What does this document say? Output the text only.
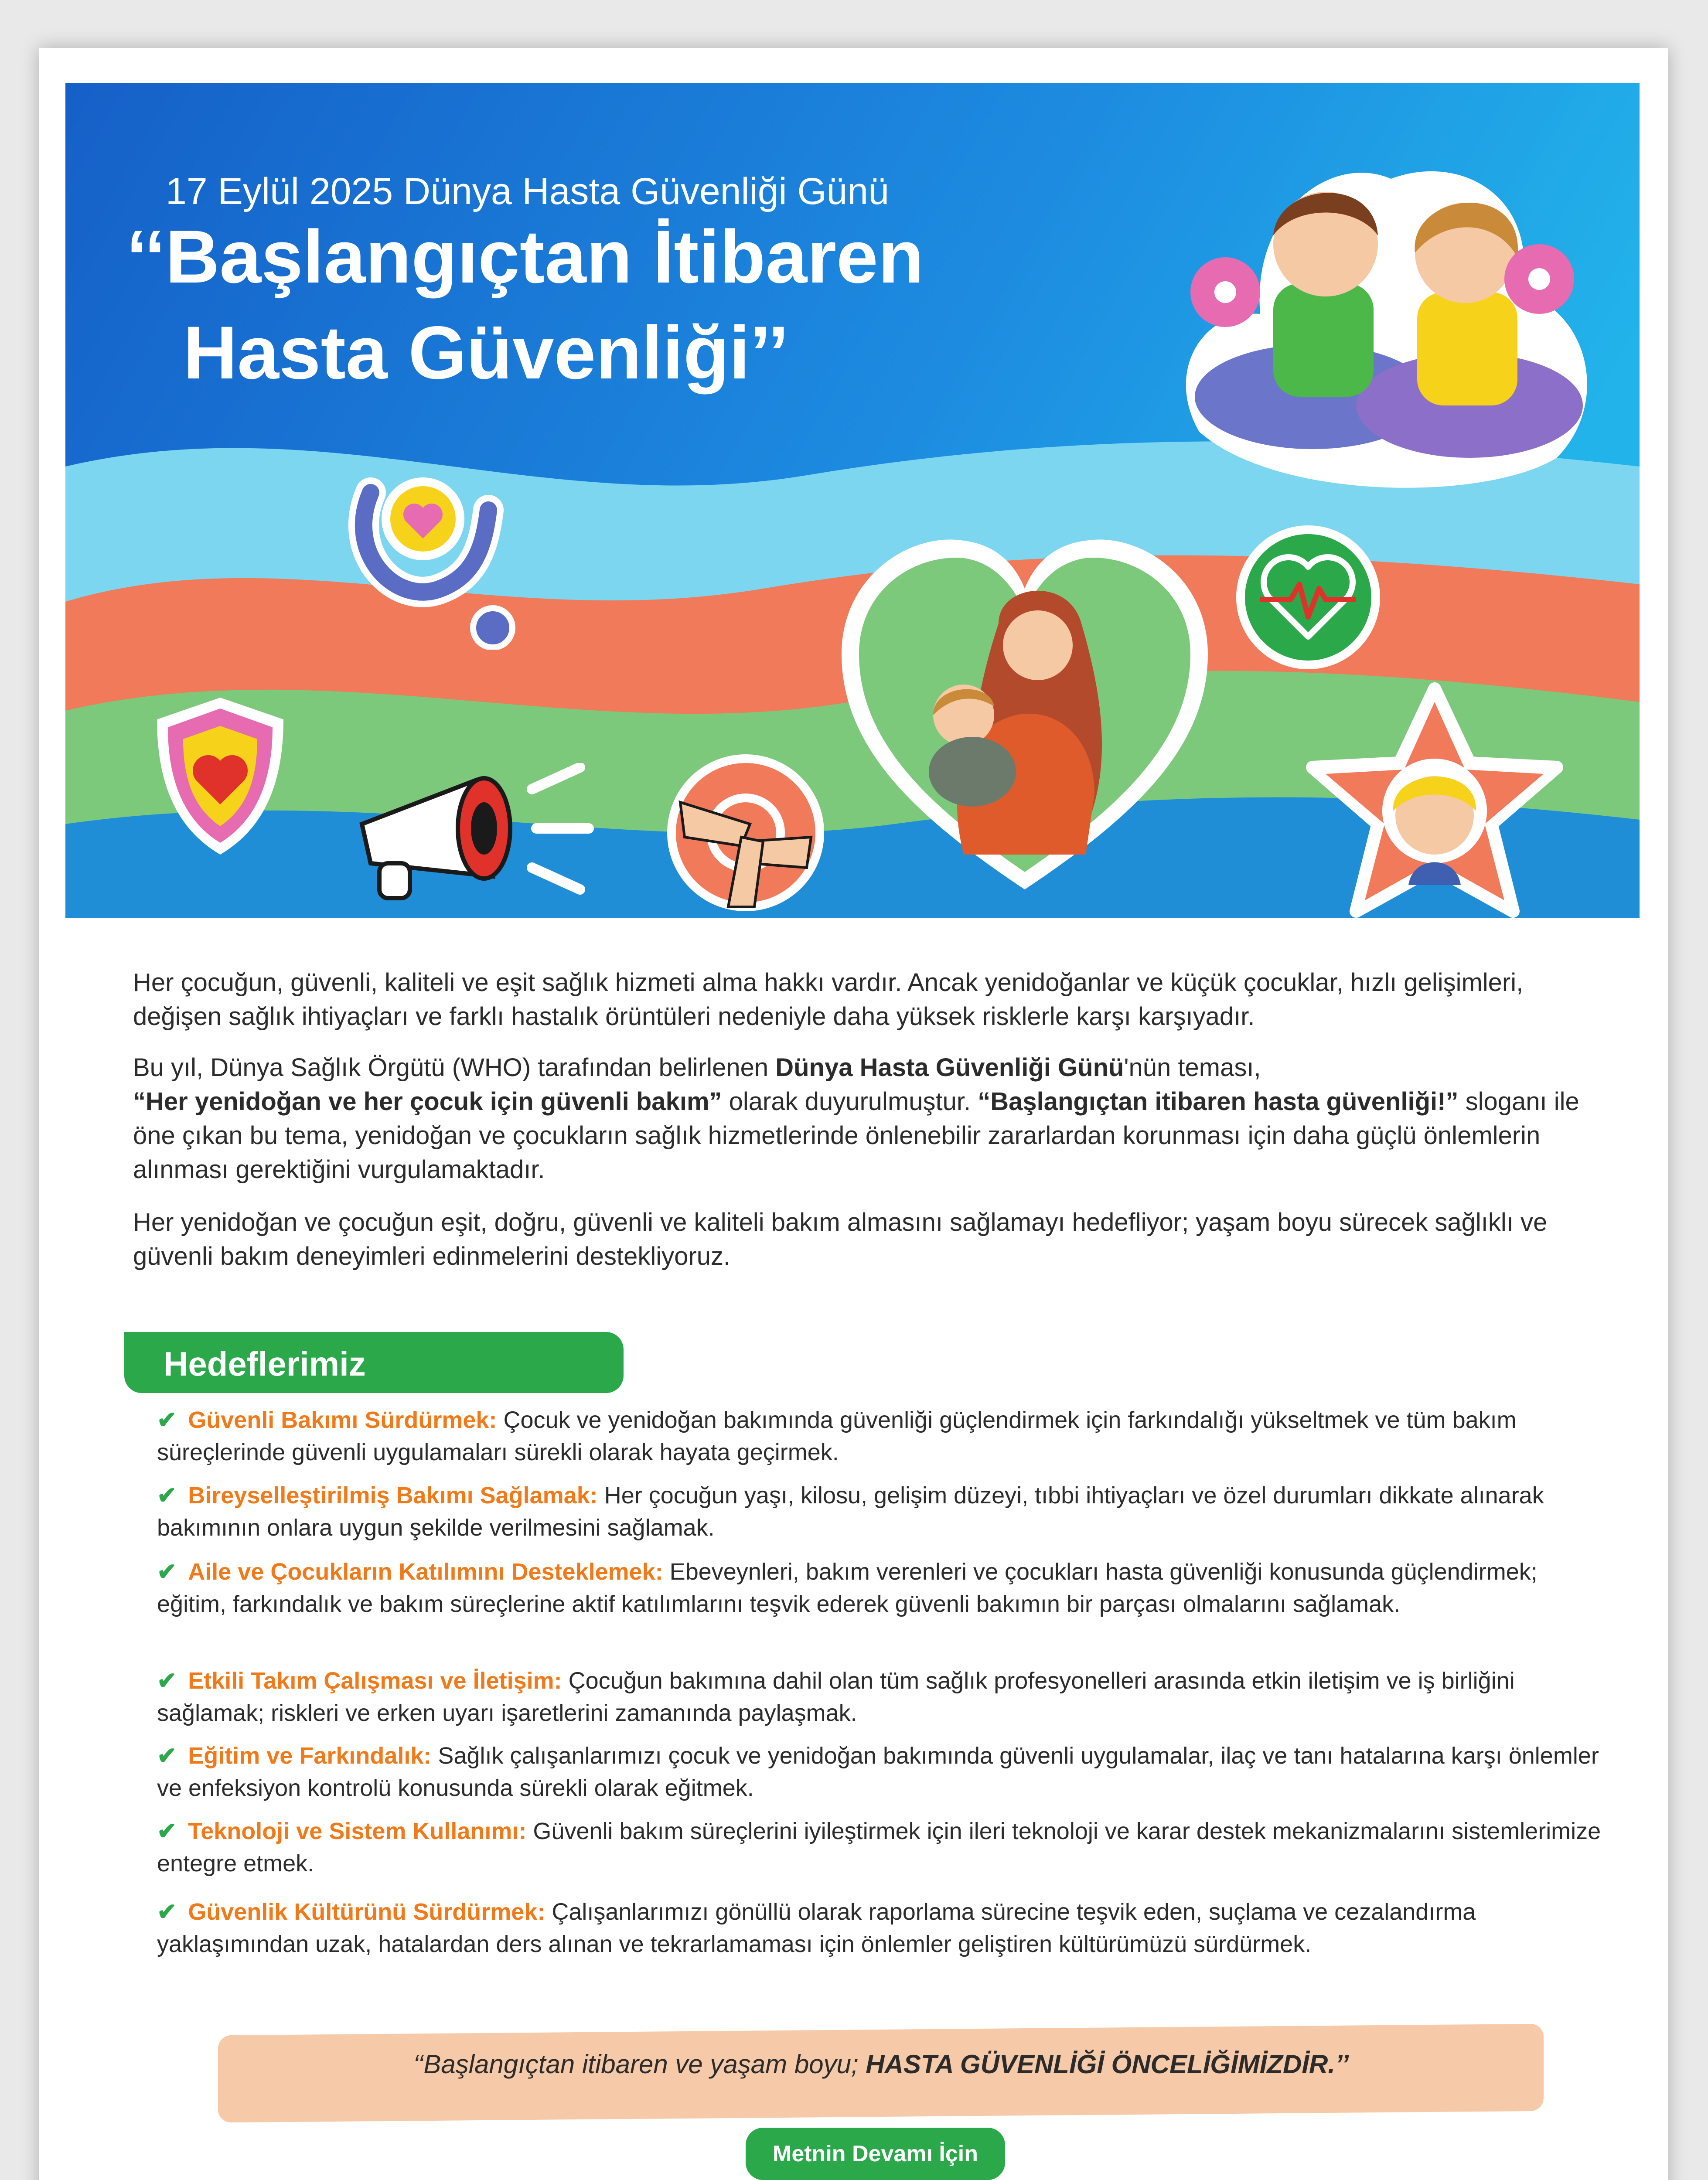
17 Eylül 2025 Dünya Hasta Güvenliği Günü
‘‘Başlangıçtan İtibaren
Hasta Güvenliği’’
Her çocuğun, güvenli, kaliteli ve eşit sağlık hizmeti alma hakkı vardır. Ancak yenidoğanlar ve küçük çocuklar, hızlı gelişimleri, değişen sağlık ihtiyaçları ve farklı hastalık örüntüleri nedeniyle daha yüksek risklerle karşı karşıyadır.
Bu yıl, Dünya Sağlık Örgütü (WHO) tarafından belirlenen Dünya Hasta Güvenliği Günü'nün teması,
“Her yenidoğan ve her çocuk için güvenli bakım” olarak duyurulmuştur. “Başlangıçtan itibaren hasta güvenliği!” sloganı ile öne çıkan bu tema, yenidoğan ve çocukların sağlık hizmetlerinde önlenebilir zararlardan korunması için daha güçlü önlemlerin alınması gerektiğini vurgulamaktadır.
Her yenidoğan ve çocuğun eşit, doğru, güvenli ve kaliteli bakım almasını sağlamayı hedefliyor; yaşam boyu sürecek sağlıklı ve güvenli bakım deneyimleri edinmelerini destekliyoruz.
Hedeflerimiz
✔ Güvenli Bakımı Sürdürmek: Çocuk ve yenidoğan bakımında güvenliği güçlendirmek için farkındalığı yükseltmek ve tüm bakım süreçlerinde güvenli uygulamaları sürekli olarak hayata geçirmek.
✔ Bireyselleştirilmiş Bakımı Sağlamak: Her çocuğun yaşı, kilosu, gelişim düzeyi, tıbbi ihtiyaçları ve özel durumları dikkate alınarak bakımının onlara uygun şekilde verilmesini sağlamak.
✔ Aile ve Çocukların Katılımını Desteklemek: Ebeveynleri, bakım verenleri ve çocukları hasta güvenliği konusunda güçlendirmek; eğitim, farkındalık ve bakım süreçlerine aktif katılımlarını teşvik ederek güvenli bakımın bir parçası olmalarını sağlamak.
✔ Etkili Takım Çalışması ve İletişim: Çocuğun bakımına dahil olan tüm sağlık profesyonelleri arasında etkin iletişim ve iş birliğini sağlamak; riskleri ve erken uyarı işaretlerini zamanında paylaşmak.
✔ Eğitim ve Farkındalık: Sağlık çalışanlarımızı çocuk ve yenidoğan bakımında güvenli uygulamalar, ilaç ve tanı hatalarına karşı önlemler ve enfeksiyon kontrolü konusunda sürekli olarak eğitmek.
✔ Teknoloji ve Sistem Kullanımı: Güvenli bakım süreçlerini iyileştirmek için ileri teknoloji ve karar destek mekanizmalarını sistemlerimize entegre etmek.
✔ Güvenlik Kültürünü Sürdürmek: Çalışanlarımızı gönüllü olarak raporlama sürecine teşvik eden, suçlama ve cezalandırma yaklaşımından uzak, hatalardan ders alınan ve tekrarlamaması için önlemler geliştiren kültürümüzü sürdürmek.
‘‘Başlangıçtan itibaren ve yaşam boyu; HASTA GÜVENLİĞİ ÖNCELİĞİMİZDİR.’’
Metnin Devamı İçin
